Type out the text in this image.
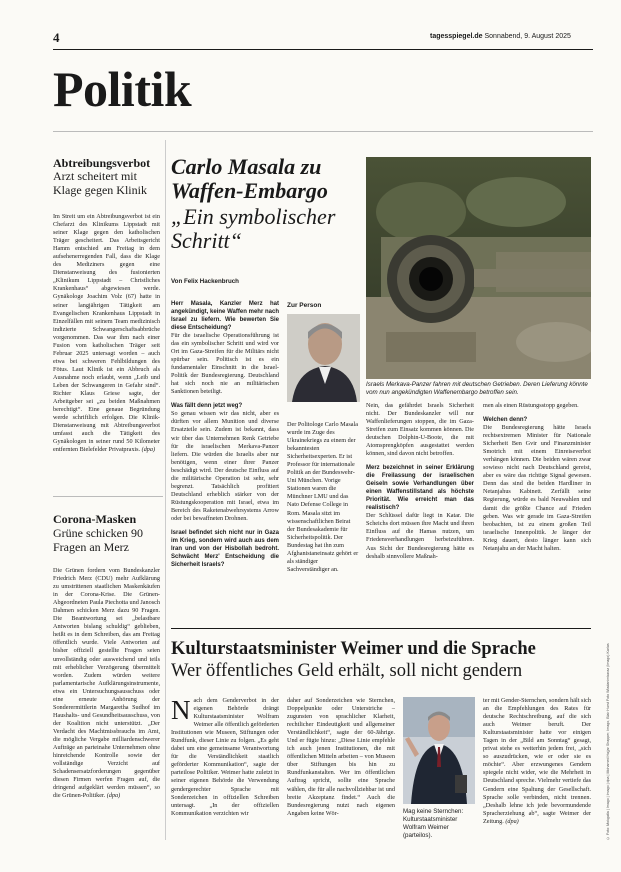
4	tagesspiegel.de Sonnabend, 9. August 2025
Politik
Abtreibungsverbot
Arzt scheitert mit Klage gegen Klinik

Im Streit um ein Abtreibungsverbot ist ein Chefarzt des Klinikums Lippstadt mit seiner Klage gegen den katholischen Träger gescheitert. Das Arbeitsgericht Hamm entschied am Freitag in dem aufsehenerregenden Fall, dass die Klage des Mediziners gegen eine Dienstanweisung des fusionierten „Klinikum Lippstadt – Christliches Krankenhaus“ abgewiesen werde. Gynäkologe Joachim Volz (67) hatte in seiner langjährigen Tätigkeit am Evangelischen Krankenhaus Lippstadt in Einzelfällen mit seinem Team medizinisch indizierte Schwangerschaftsabbrüche vorgenommen. Das war ihm nach einer Fusion vom katholischen Träger seit Februar 2025 untersagt worden – auch etwa bei schweren Fehlbildungen des Fötus. Laut Klinik ist ein Abbruch als Ausnahme noch erlaubt, wenn „Leib und Leben der Schwangeren in Gefahr sind“. Richter Klaus Griese sagte, der Arbeitgeber sei „zu beiden Maßnahmen berechtigt“. Eine genaue Begründung werde schriftlich erfolgen. Die Klinik-Dienstanweisung mit Abtreibungsverbot umfasst auch die Tätigkeit des Gynäkologen in seiner rund 50 Kilometer entfernten Bielefelder Privatpraxis. (dpa)

Corona-Masken
Grüne schicken 90 Fragen an Merz

Die Grünen fordern vom Bundeskanzler Friedrich Merz (CDU) mehr Aufklärung zu umstrittenen staatlichen Maskenkäufen in der Corona-Krise. Die Grünen-Abgeordneten Paula Piechotta und Janosch Dahmen schicken Merz dazu 90 Fragen. Die Beantwortung sei „belastbare Antworten bislang schuldig“ geblieben, heißt es in dem Schreiben, das am Freitag öffentlich wurde. Viele Antworten auf bisher offiziell gestellte Fragen seien unvollständig oder ausweichend und teils mit erheblicher Verzögerung übermittelt worden. Zudem würden weitere parlamentarische Aufklärungsinstrumente, etwa ein Untersuchungsausschuss oder eine erneute Anhörung der Sonderermittlerin Margaretha Sudhof im Haushalts- und Gesundheitsausschuss, von der Koalition nicht unterstützt. „Der Verdacht des Machtmissbrauchs im Amt, die mögliche Vergabe milliardenschwerer Aufträge an parteinahe Unternehmen ohne hinreichende Kontrolle sowie der vollständige Verzicht auf Schadensersatzforderungen gegenüber diesen Firmen werfen Fragen auf, die dringend aufgeklärt werden müssen“, so die Grünen-Politiker. (dpa)

Carlo Masala zu
Waffen-Embargo
„Ein symbolischer
Schritt“
Von Felix Hackenbruch
Israels Merkava-Panzer fahren mit deutschen Getrieben. Deren Lieferung könnte vom nun angekündigten Waffenembargo betroffen sein.

Herr Masala, Kanzler Merz hat angekündigt, keine Waffen mehr nach Israel zu liefern. Wie bewerten Sie diese Entscheidung?

Für die israelische Operationsführung ist das ein symbolischer Schritt und wird vor Ort im Gaza-Streifen für die Militärs nicht spürbar sein. Politisch ist es ein fundamentaler Einschnitt in die Israel-Politik der Bundesregierung. Deutschland hat sich noch nie an militärischen Sanktionen beteiligt.

Was fällt denn jetzt weg?

So genau wissen wir das nicht, aber es dürften vor allem Munition und diverse Ersatzteile sein. Zudem ist bekannt, dass wir über das Unternehmen Renk Getriebe für die israelischen Merkava-Panzer liefern. Die würden die Israelis aber nur benötigen, wenn einer ihrer Panzer beschädigt wird. Der deutsche Einfluss auf die militärische Operation ist sehr, sehr begrenzt. Tatsächlich profitiert Deutschland erheblich stärker von der Rüstungskooperation mit Israel, etwa im Bereich des Raketenabwehrsystems Arrow oder bei bewaffneten Drohnen.

Israel befindet sich nicht nur in Gaza im Krieg, sondern wird auch aus dem Iran und von der Hisbollah bedroht. Schwächt Merz' Entscheidung die Sicherheit Israels?

Zur Person
Der Politologe Carlo Masala wurde im Zuge des Ukrainekriegs zu einem der bekanntesten Sicherheitsexperten. Er ist Professor für internationale Politik an der Bundeswehr-Uni München. Vorige Stationen waren die Münchner LMU und das Nato Defense College in Rom. Masala sitzt im wissenschaftlichen Beirat der Bundesakademie für Sicherheitspolitik. Der Bundestag hat ihn zum Afghanistaneinsatz gehört er als ständiger Sachverständiger an.

Nein, das gefährdet Israels Sicherheit nicht. Der Bundeskanzler will nur Waffenlieferungen stoppen, die im Gaza-Streifen zum Einsatz kommen können. Die deutschen Dolphin-U-Boote, die mit Atomsprengköpfen ausgestattet werden können, sind davon nicht betroffen.

Merz bezeichnet in seiner Erklärung die Freilassung der israelischen Geiseln sowie Verhandlungen über einen Waffenstillstand als höchste Priorität. Wie erreicht man das realistisch?

Der Schlüssel dafür liegt in Katar. Die Scheichs dort müssen ihre Macht und ihren Einfluss auf die Hamas nutzen, um Friedensverhandlungen herbeizuführen. Aus Sicht der Bundesregierung hätte es deshalb sinnvollere Maßnah-

men als einen Rüstungsstopp gegeben.

Welchen denn?

Die Bundesregierung hätte Israels rechtsextremen Minister für Nationale Sicherheit Ben Gvir und Finanzminister Smotrich mit einem Einreiseverbot verhängen können. Die beiden wären zwar sowieso nicht nach Deutschland gereist, aber es wäre das richtige Signal gewesen. Denn das sind die beiden Hardliner in Netanjahus Kabinett. Zerfällt seine Regierung, würde es bald Neuwahlen und damit die größte Chance auf Frieden geben. Was wir gerade im Gaza-Streifen beobachten, ist zu einem großen Teil israelische Innenpolitik. Je länger der Krieg dauert, desto länger kann sich Netanjahu an der Macht halten.

Kulturstaatsminister Weimer und die Sprache
Wer öffentliches Geld erhält, soll nicht gendern

Nach dem Genderverbot in der eigenen Behörde drängt Kulturstaatsminister Wolfram Weimer alle öffentlich geförderten Institutionen wie Museen, Stiftungen oder Rundfunk, dieser Linie zu folgen. „Es geht dabei um eine gemeinsame Verantwortung für die Verständlichkeit staatlich geförderter Kommunikation“, sagte der parteilose Politiker. Weimer hatte zuletzt in seiner eigenen Behörde die Verwendung gendergerechter Sprache mit Sonderzeichen in offiziellen Schreiben untersagt. „In der offiziellen Kommunikation verzichten wir

daher auf Sonderzeichen wie Sternchen, Doppelpunkte oder Unterstriche – zugunsten von sprachlicher Klarheit, rechtlicher Eindeutigkeit und allgemeiner Verständlichkeit“, sagte der 60-Jährige. Und er fügte hinzu: „Diese Linie empfehle ich auch jenen Institutionen, die mit öffentlichen Mitteln arbeiten – von Museen über Stiftungen bis hin zu Rundfunkanstalten. Wer im öffentlichen Auftrag spricht, sollte eine Sprache wählen, die für alle nachvollziehbar ist und breite Akzeptanz findet.“ Auch die Bundesregierung nutzt nach eigenen Angaben keine Wör-	Mag keine Sternchen: Kulturstaatsminister Wolfram Weimer (parteilos).

ter mit Gender-Sternchen, sondern hält sich an die Empfehlungen des Rates für deutsche Rechtschreibung, auf die sich auch Weimer beruft. Der Kulturstaatsminister hatte vor einigen Tagen in der „Bild am Sonntag“ gesagt, privat stehe es weiterhin jedem frei, „sich so auszudrücken, wie er oder sie es möchte“. Aber erzwungenes Gendern spiegele nicht wider, wie die Mehrheit in Deutschland spreche. Vielmehr vertiefe das Gendern eine Spaltung der Gesellschaft. Sprache solle verbinden, nicht trennen. „Deshalb lehne ich jede bevormundende Spracherziehung ab“, sagte Weimer der Zeitung. (dpa)	© Foto: Mokgatla | Imago | Imago | dpa | Mohamed Hajjar Shapper, Imago, Blair Hurst Foto Wladanimbaraz (Imago) Karlas
